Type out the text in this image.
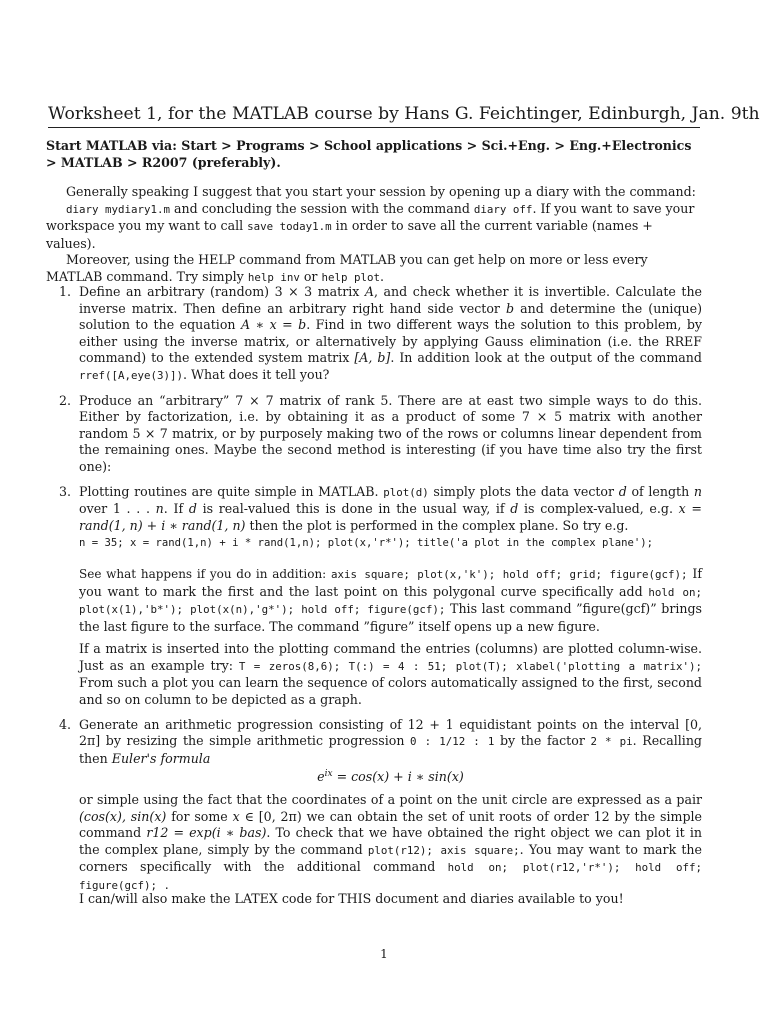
Worksheet 1, for the MATLAB course by Hans G. Feichtinger, Edinburgh, Jan. 9th
Start MATLAB via: Start > Programs > School applications > Sci.+Eng. > Eng.+Electronics
> MATLAB > R2007 (preferably).

Generally speaking I suggest that you start your session by opening up a diary with the command:
diary mydiary1.m and concluding the session with the command diary off. If you want to save your
workspace you my want to call save today1.m in order to save all the current variable (names + values).

Moreover, using the HELP command from MATLAB you can get help on more or less every MATLAB command. Try simply help inv or help plot.

1. Define an arbitrary (random) 3 × 3 matrix A, and check whether it is invertible. Calculate the inverse matrix. Then define an arbitrary right hand side vector b and determine the (unique) solution to the equation A ∗ x = b. Find in two different ways the solution to this problem, by either using the inverse matrix, or alternatively by applying Gauss elimination (i.e. the RREF command) to the extended system matrix [A, b]. In addition look at the output of the command rref([A,eye(3)]). What does it tell you?

2. Produce an “arbitrary” 7 × 7 matrix of rank 5. There are at east two simple ways to do this. Either by factorization, i.e. by obtaining it as a product of some 7 × 5 matrix with another random 5 × 7 matrix, or by purposely making two of the rows or columns linear dependent from the remaining ones. Maybe the second method is interesting (if you have time also try the first one):

3. Plotting routines are quite simple in MATLAB. plot(d) simply plots the data vector d of length n over 1 . . . n. If d is real-valued this is done in the usual way, if d is complex-valued, e.g. x = rand(1, n) + i ∗ rand(1, n) then the plot is performed in the complex plane. So try e.g.
n = 35; x = rand(1,n) + i * rand(1,n); plot(x,'r*'); title('a plot in the complex plane');

See what happens if you do in addition: axis square; plot(x,'k'); hold off; grid; figure(gcf); If you want to mark the first and the last point on this polygonal curve specifically add hold on; plot(x(1),'b*'); plot(x(n),'g*'); hold off; figure(gcf); This last command ”figure(gcf)” brings the last figure to the surface. The command ”figure” itself opens up a new figure.

If a matrix is inserted into the plotting command the entries (columns) are plotted column-wise. Just as an example try: T = zeros(8,6); T(:) = 4 : 51; plot(T); xlabel('plotting a matrix'); From such a plot you can learn the sequence of colors automatically assigned to the first, second and so on column to be depicted as a graph.

4. Generate an arithmetic progression consisting of 12 + 1 equidistant points on the interval [0, 2π] by resizing the simple arithmetic progression 0 : 1/12 : 1 by the factor 2 * pi. Recalling then Euler's formula

$e^{ix} = \cos(x) + i$ ∗ sin(x)

or simple using the fact that the coordinates of a point on the unit circle are expressed as a pair (cos(x), sin(x) for some x ∈ [0, 2π) we can obtain the set of unit roots of order 12 by the simple command r12 = exp(i ∗ bas). To check that we have obtained the right object we can plot it in the complex plane, simply by the command plot(r12); axis square;. You may want to mark the corners specifically with the additional command hold on; plot(r12,'r*'); hold off; figure(gcf); .

I can/will also make the LATEX code for THIS document and diaries available to you!
1
